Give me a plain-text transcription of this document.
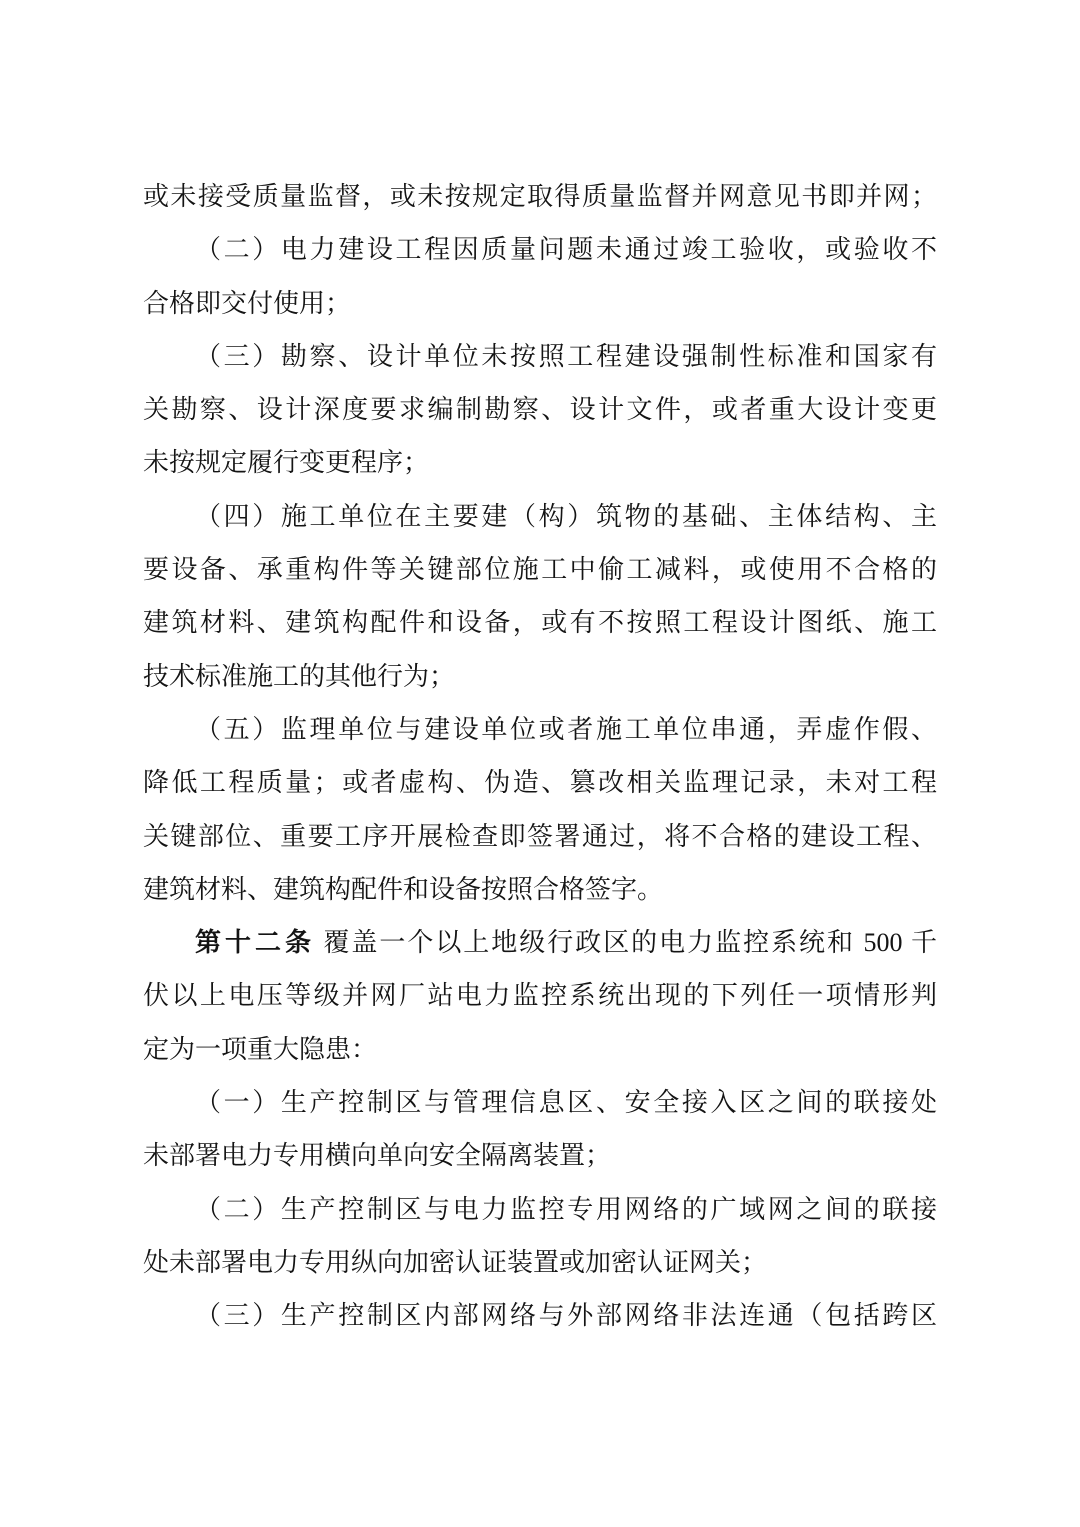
或未接受质量监督，或未按规定取得质量监督并网意见书即并网；
（二）电力建设工程因质量问题未通过竣工验收，或验收不
合格即交付使用；
（三）勘察、设计单位未按照工程建设强制性标准和国家有
关勘察、设计深度要求编制勘察、设计文件，或者重大设计变更
未按规定履行变更程序；
（四）施工单位在主要建（构）筑物的基础、主体结构、主
要设备、承重构件等关键部位施工中偷工减料，或使用不合格的
建筑材料、建筑构配件和设备，或有不按照工程设计图纸、施工
技术标准施工的其他行为；
（五）监理单位与建设单位或者施工单位串通，弄虚作假、
降低工程质量；或者虚构、伪造、篡改相关监理记录，未对工程
关键部位、重要工序开展检查即签署通过，将不合格的建设工程、
建筑材料、建筑构配件和设备按照合格签字。
第十二条 覆盖一个以上地级行政区的电力监控系统和 500 千
伏以上电压等级并网厂站电力监控系统出现的下列任一项情形判
定为一项重大隐患：
（一）生产控制区与管理信息区、安全接入区之间的联接处
未部署电力专用横向单向安全隔离装置；
（二）生产控制区与电力监控专用网络的广域网之间的联接
处未部署电力专用纵向加密认证装置或加密认证网关；
（三）生产控制区内部网络与外部网络非法连通（包括跨区
